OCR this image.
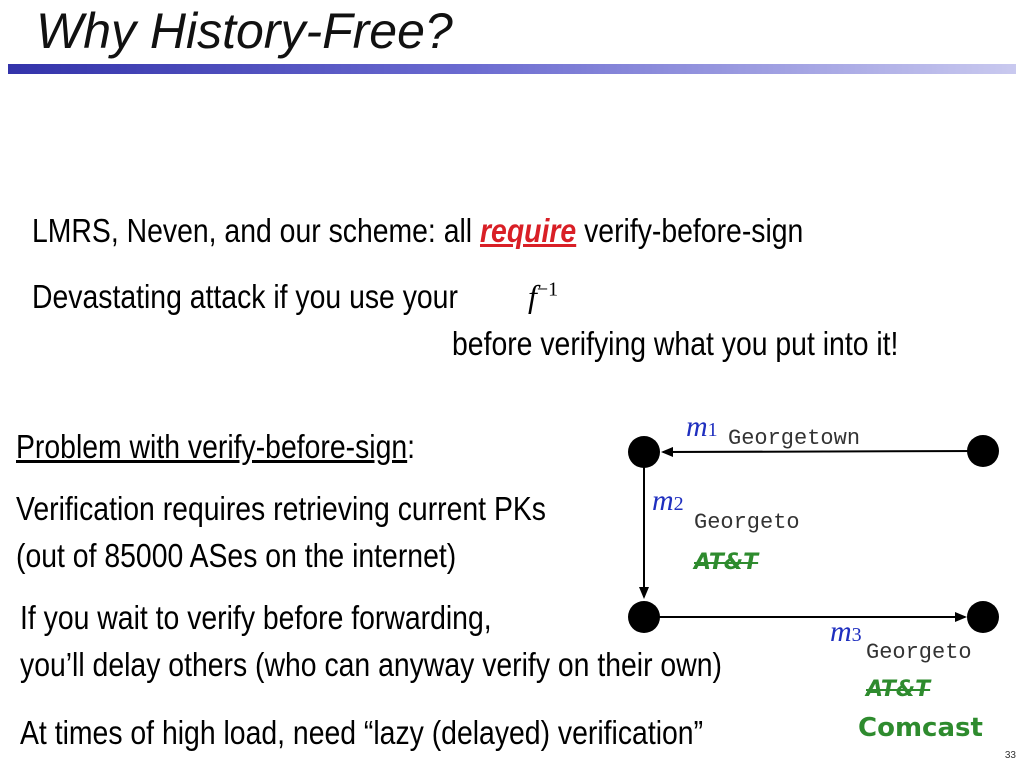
Why History-Free?
LMRS, Neven, and our scheme: all require verify-before-sign
Devastating attack if you use your $f^{-1}$
before verifying what you put into it!
Problem with verify-before-sign:
Verification requires retrieving current PKs
(out of 85000 ASes on the internet)
If you wait to verify before forwarding,
you’ll delay others (who can anyway verify on their own)
At times of high load, need “lazy (delayed) verification”
m1 Georgetown
m2
Georgeto
AT&T
m3
Georgeto
AT&T
Comcast
33
